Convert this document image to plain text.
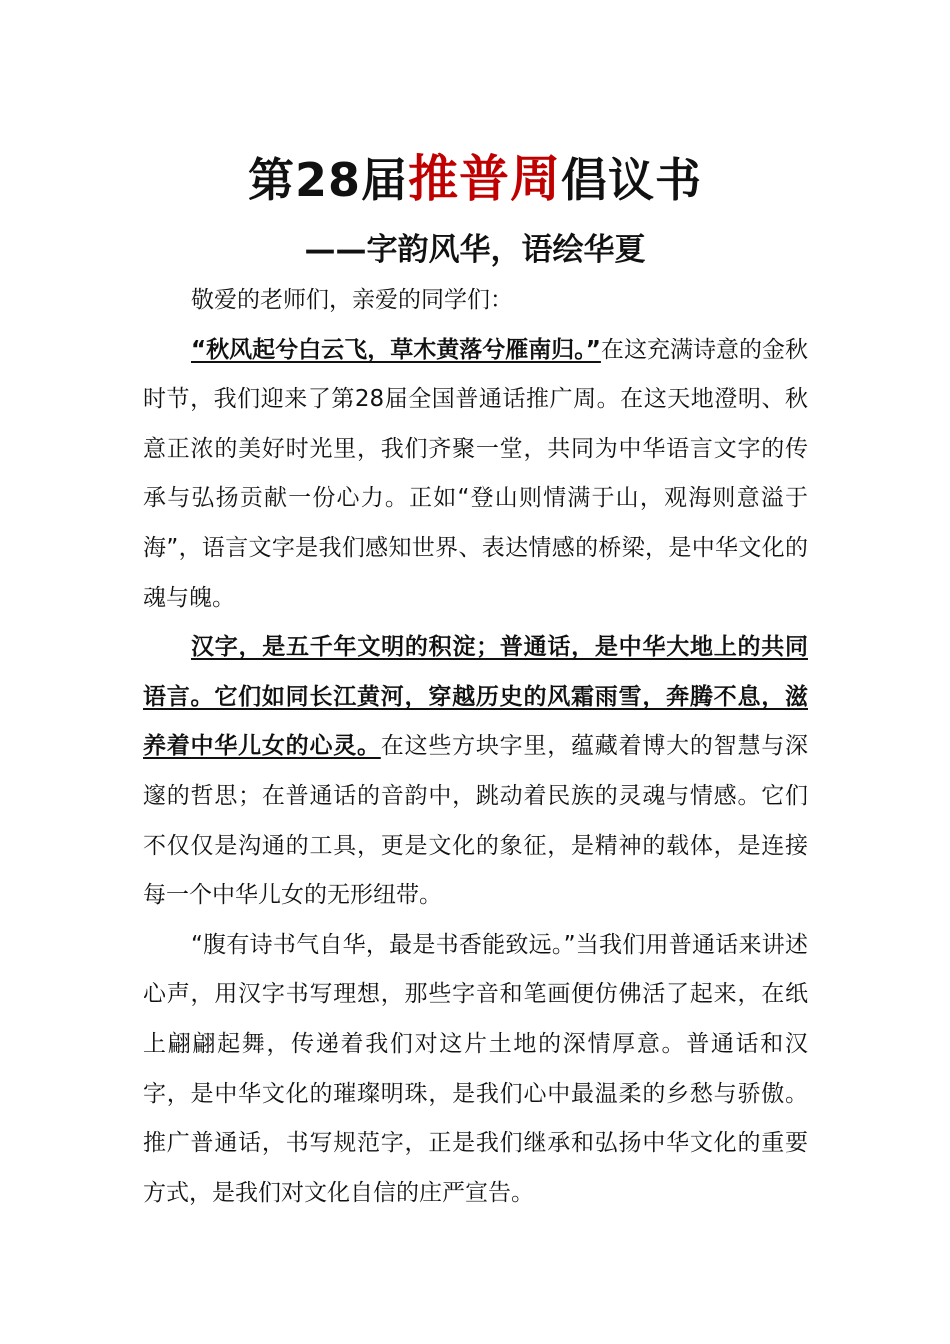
第28届推普周倡议书
——字韵风华，语绘华夏

敬爱的老师们，亲爱的同学们：

“秋风起兮白云飞，草木黄落兮雁南归。”在这充满诗意的金秋时节，我们迎来了第28届全国普通话推广周。在这天地澄明、秋意正浓的美好时光里，我们齐聚一堂，共同为中华语言文字的传承与弘扬贡献一份心力。正如“登山则情满于山，观海则意溢于海”，语言文字是我们感知世界、表达情感的桥梁，是中华文化的魂与魄。

汉字，是五千年文明的积淀；普通话，是中华大地上的共同语言。它们如同长江黄河，穿越历史的风霜雨雪，奔腾不息，滋养着中华儿女的心灵。在这些方块字里，蕴藏着博大的智慧与深邃的哲思；在普通话的音韵中，跳动着民族的灵魂与情感。它们不仅仅是沟通的工具，更是文化的象征，是精神的载体，是连接每一个中华儿女的无形纽带。

“腹有诗书气自华，最是书香能致远。”当我们用普通话来讲述心声，用汉字书写理想，那些字音和笔画便仿佛活了起来，在纸上翩翩起舞，传递着我们对这片土地的深情厚意。普通话和汉字，是中华文化的璀璨明珠，是我们心中最温柔的乡愁与骄傲。推广普通话，书写规范字，正是我们继承和弘扬中华文化的重要方式，是我们对文化自信的庄严宣告。
